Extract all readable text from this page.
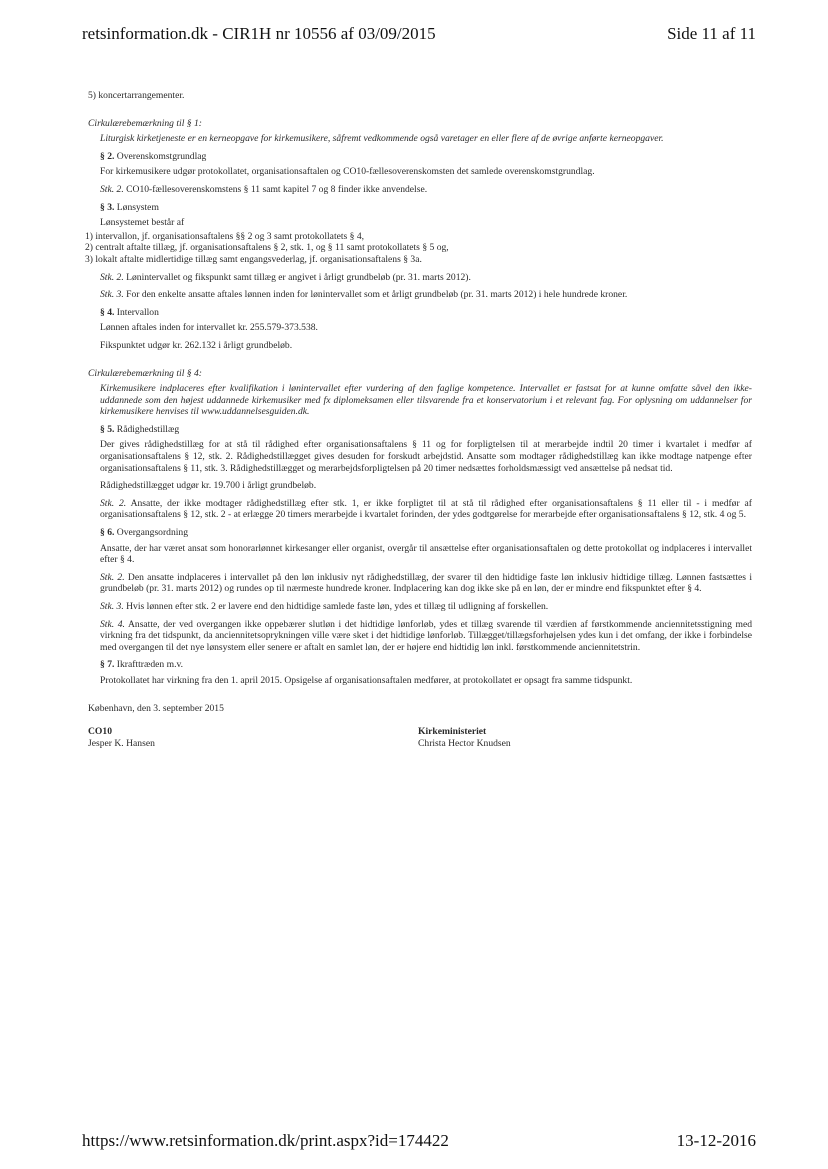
retsinformation.dk - CIR1H nr 10556 af 03/09/2015	Side 11 af 11

5) koncertarrangementer.

Cirkulærebemærkning til § 1:

Liturgisk kirketjeneste er en kerneopgave for kirkemusikere, såfremt vedkommende også varetager en eller flere af de øvrige anførte kerneopgaver.

§ 2. Overenskomstgrundlag

For kirkemusikere udgør protokollatet, organisationsaftalen og CO10-fællesoverenskomsten det samlede overenskomstgrundlag.

Stk. 2. CO10-fællesoverenskomstens § 11 samt kapitel 7 og 8 finder ikke anvendelse.

§ 3. Lønsystem

Lønsystemet består af

1) intervallon, jf. organisationsaftalens §§ 2 og 3 samt protokollatets § 4,
2) centralt aftalte tillæg, jf. organisationsaftalens § 2, stk. 1, og § 11 samt protokollatets § 5 og,
3) lokalt aftalte midlertidige tillæg samt engangsvederlag, jf. organisationsaftalens § 3a.

Stk. 2. Lønintervallet og fikspunkt samt tillæg er angivet i årligt grundbeløb (pr. 31. marts 2012).

Stk. 3. For den enkelte ansatte aftales lønnen inden for lønintervallet som et årligt grundbeløb (pr. 31. marts 2012) i hele hundrede kroner.

§ 4. Intervallon

Lønnen aftales inden for intervallet kr. 255.579-373.538.

Fikspunktet udgør kr. 262.132 i årligt grundbeløb.

Cirkulærebemærkning til § 4:

Kirkemusikere indplaceres efter kvalifikation i lønintervallet efter vurdering af den faglige kompetence. Intervallet er fastsat for at kunne omfatte såvel den ikke-uddannede som den højest uddannede kirkemusiker med fx diplomeksamen eller tilsvarende fra et konservatorium i et relevant fag. For oplysning om uddannelser for kirkemusikere henvises til www.uddannelsesguiden.dk.

§ 5. Rådighedstillæg

Der gives rådighedstillæg for at stå til rådighed efter organisationsaftalens § 11 og for forpligtelsen til at merarbejde indtil 20 timer i kvartalet i medfør af organisationsaftalens § 12, stk. 2. Rådighedstillægget gives desuden for forskudt arbejdstid. Ansatte som modtager rådighedstillæg kan ikke modtage natpenge efter organisationsaftalens § 11, stk. 3. Rådighedstillægget og merarbejdsforpligtelsen på 20 timer nedsættes forholdsmæssigt ved ansættelse på nedsat tid.

Rådighedstillægget udgør kr. 19.700 i årligt grundbeløb.

Stk. 2. Ansatte, der ikke modtager rådighedstillæg efter stk. 1, er ikke forpligtet til at stå til rådighed efter organisationsaftalens § 11 eller til - i medfør af organisationsaftalens § 12, stk. 2 - at erlægge 20 timers merarbejde i kvartalet forinden, der ydes godtgørelse for merarbejde efter organisationsaftalens § 12, stk. 4 og 5.

§ 6. Overgangsordning

Ansatte, der har været ansat som honorarlønnet kirkesanger eller organist, overgår til ansættelse efter organisationsaftalen og dette protokollat og indplaceres i intervallet efter § 4.

Stk. 2. Den ansatte indplaceres i intervallet på den løn inklusiv nyt rådighedstillæg, der svarer til den hidtidige faste løn inklusiv hidtidige tillæg. Lønnen fastsættes i grundbeløb (pr. 31. marts 2012) og rundes op til nærmeste hundrede kroner. Indplacering kan dog ikke ske på en løn, der er mindre end fikspunktet efter § 4.

Stk. 3. Hvis lønnen efter stk. 2 er lavere end den hidtidige samlede faste løn, ydes et tillæg til udligning af forskellen.

Stk. 4. Ansatte, der ved overgangen ikke oppebærer slutløn i det hidtidige lønforløb, ydes et tillæg svarende til værdien af førstkommende anciennitetsstigning med virkning fra det tidspunkt, da anciennitetsoprykningen ville være sket i det hidtidige lønforløb. Tillægget/tillægsforhøjelsen ydes kun i det omfang, der ikke i forbindelse med overgangen til det nye lønsystem eller senere er aftalt en samlet løn, der er højere end hidtidig løn inkl. førstkommende anciennitetstrin.

§ 7. Ikrafttræden m.v.

Protokollatet har virkning fra den 1. april 2015. Opsigelse af organisationsaftalen medfører, at protokollatet er opsagt fra samme tidspunkt.

København, den 3. september 2015

CO10
Jesper K. Hansen
Kirkeministeriet
Christa Hector Knudsen
https://www.retsinformation.dk/print.aspx?id=174422	13-12-2016
